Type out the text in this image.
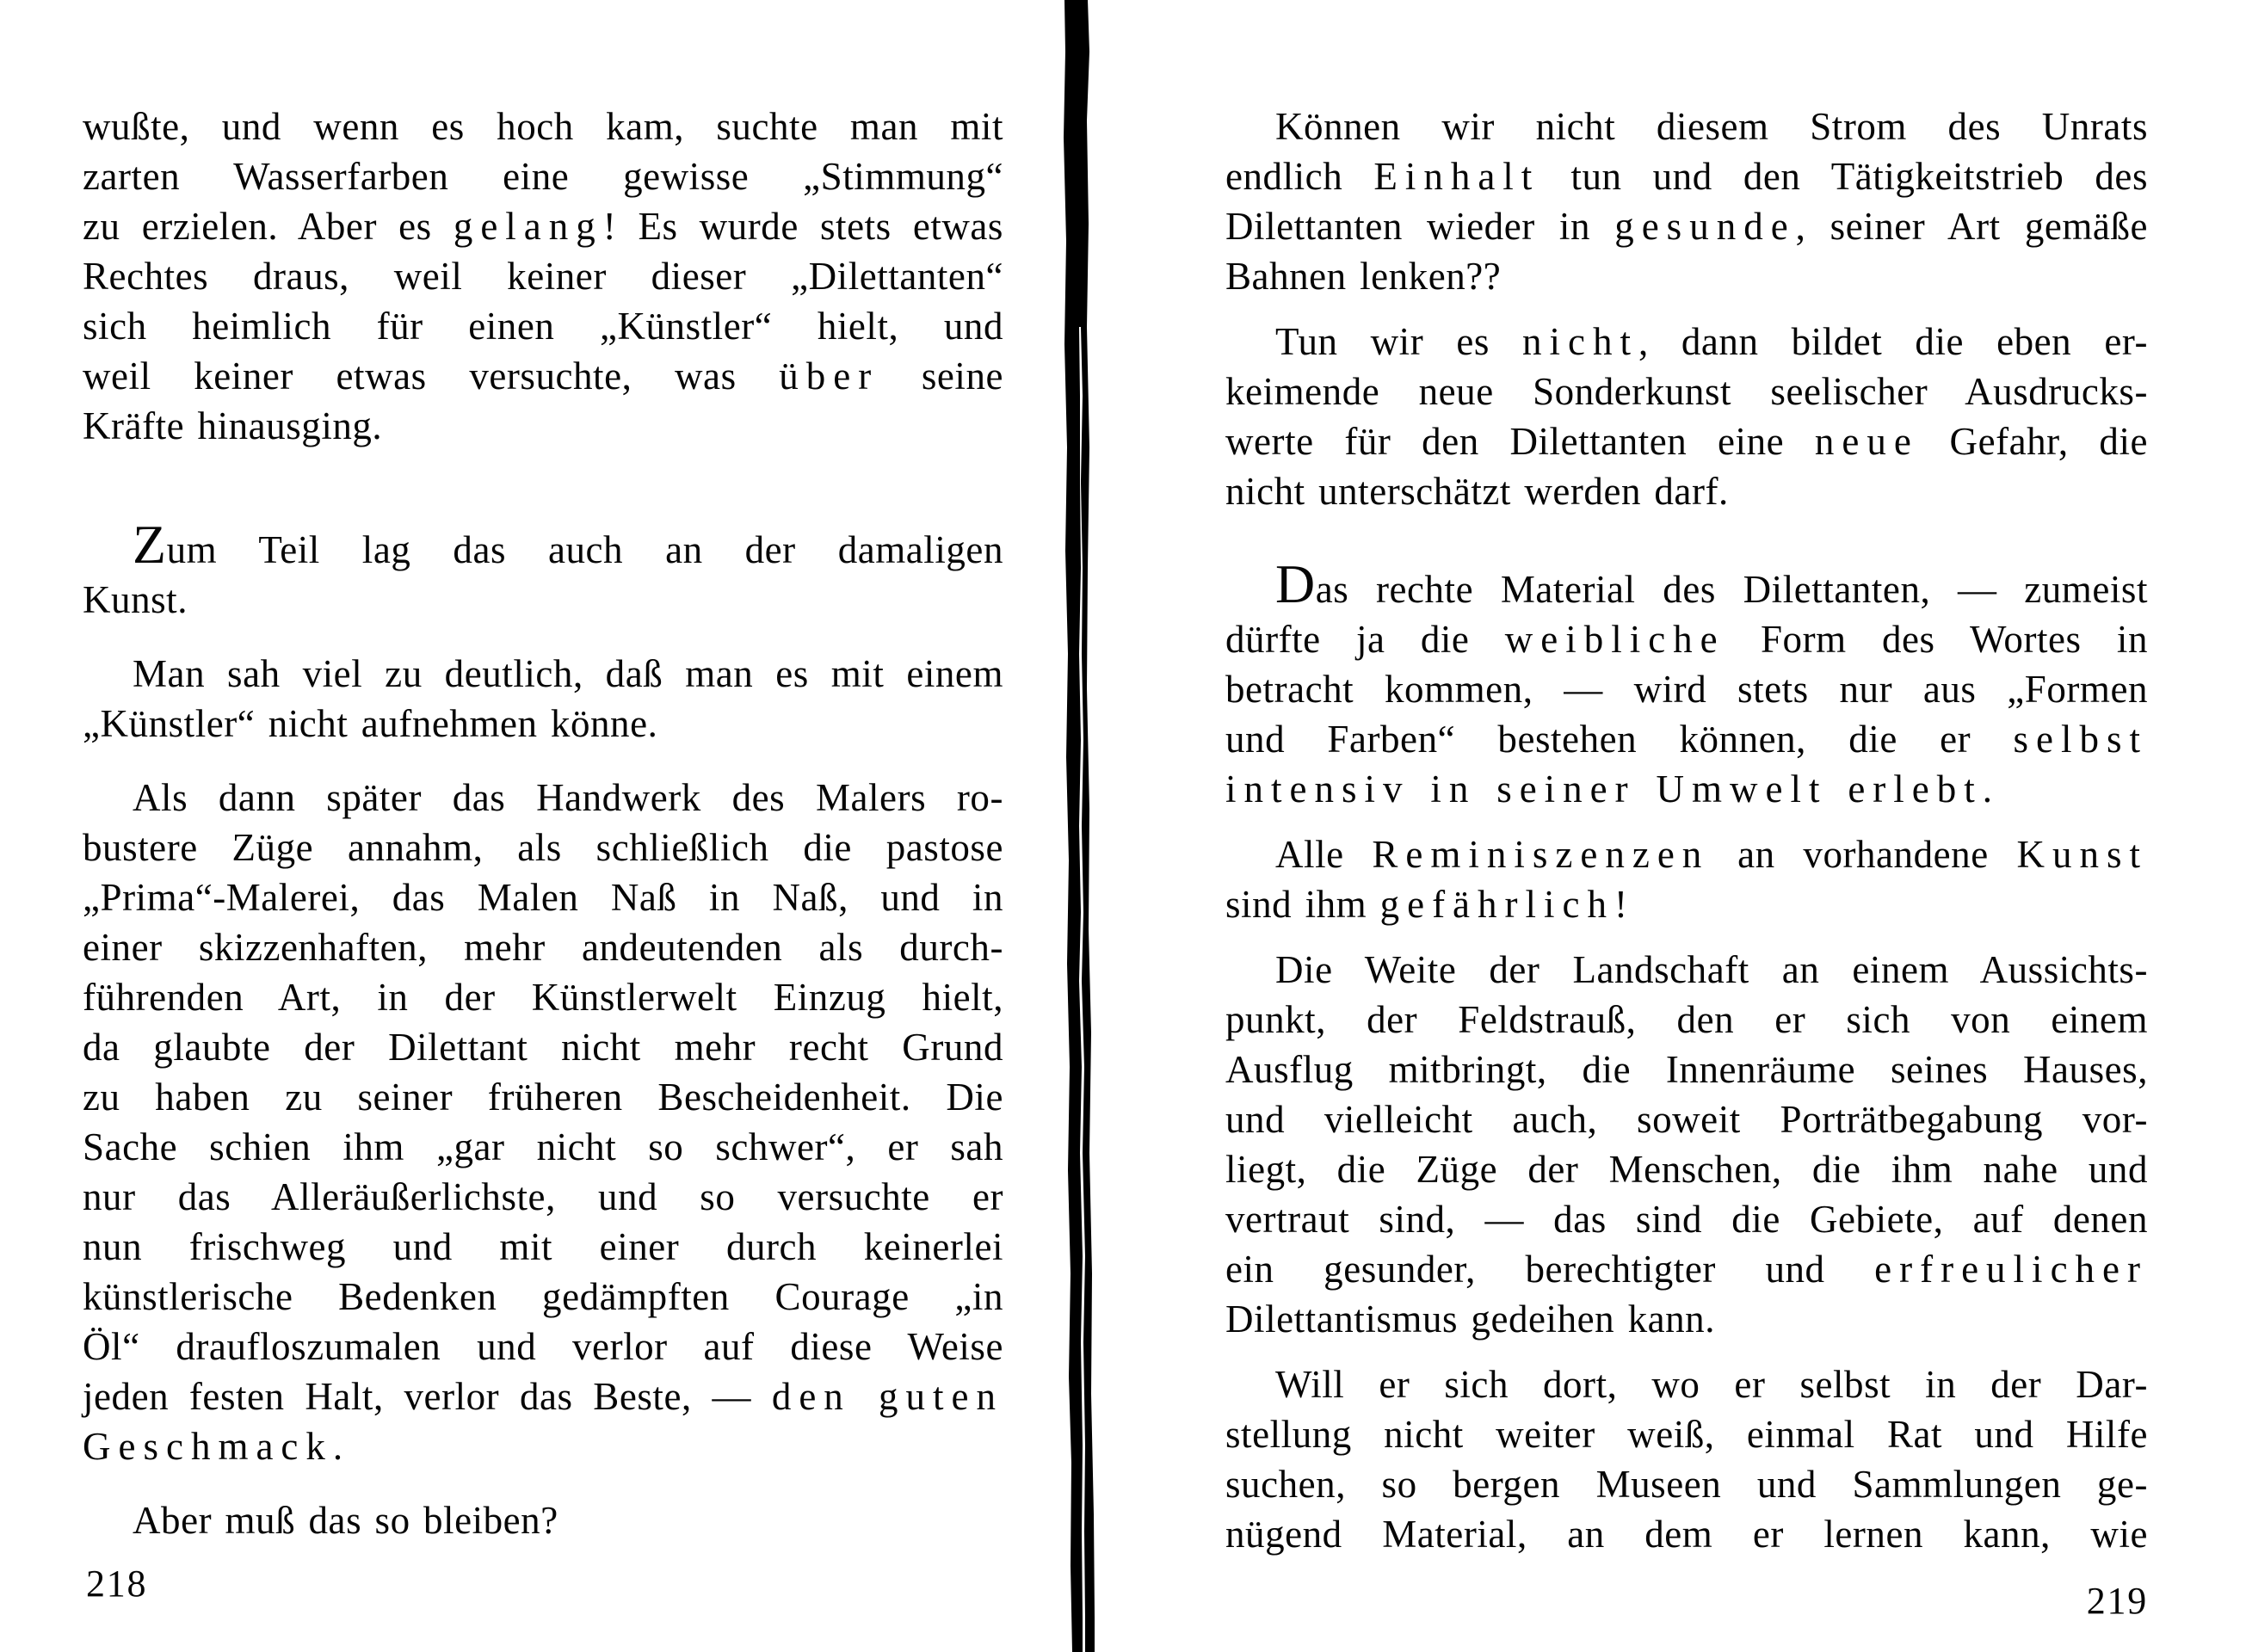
wußte, und wenn es hoch kam, suchte man mit
zarten Wasserfarben eine gewisse „Stimmung“
zu erzielen. Aber es gelang! Es wurde stets etwas
Rechtes draus, weil keiner dieser „Dilettanten“
sich heimlich für einen „Künstler“ hielt, und
weil keiner etwas versuchte, was über seine
Kräfte hinausging.
Zum Teil lag das auch an der damaligen
Kunst.
Man sah viel zu deutlich, daß man es mit einem
„Künstler“ nicht aufnehmen könne.
Als dann später das Handwerk des Malers ro-
bustere Züge annahm, als schließlich die pastose
„Prima“-Malerei, das Malen Naß in Naß, und in
einer skizzenhaften, mehr andeutenden als durch-
führenden Art, in der Künstlerwelt Einzug hielt,
da glaubte der Dilettant nicht mehr recht Grund
zu haben zu seiner früheren Bescheidenheit. Die
Sache schien ihm „gar nicht so schwer“, er sah
nur das Alleräußerlichste, und so versuchte er
nun frischweg und mit einer durch keinerlei
künstlerische Bedenken gedämpften Courage „in
Öl“ draufloszumalen und verlor auf diese Weise
jeden festen Halt, verlor das Beste, — den guten
Geschmack.
Aber muß das so bleiben?
Können wir nicht diesem Strom des Unrats
endlich Einhalt tun und den Tätigkeitstrieb des
Dilettanten wieder in gesunde, seiner Art gemäße
Bahnen lenken??
Tun wir es nicht, dann bildet die eben er-
keimende neue Sonderkunst seelischer Ausdrucks-
werte für den Dilettanten eine neue Gefahr, die
nicht unterschätzt werden darf.
Das rechte Material des Dilettanten, — zumeist
dürfte ja die weibliche Form des Wortes in
betracht kommen, — wird stets nur aus „Formen
und Farben“ bestehen können, die er selbst
intensiv in seiner Umwelt erlebt.
Alle Reminiszenzen an vorhandene Kunst
sind ihm gefährlich!
Die Weite der Landschaft an einem Aussichts-
punkt, der Feldstrauß, den er sich von einem
Ausflug mitbringt, die Innenräume seines Hauses,
und vielleicht auch, soweit Porträtbegabung vor-
liegt, die Züge der Menschen, die ihm nahe und
vertraut sind, — das sind die Gebiete, auf denen
ein gesunder, berechtigter und erfreulicher
Dilettantismus gedeihen kann.
Will er sich dort, wo er selbst in der Dar-
stellung nicht weiter weiß, einmal Rat und Hilfe
suchen, so bergen Museen und Sammlungen ge-
nügend Material, an dem er lernen kann, wie
218	219
